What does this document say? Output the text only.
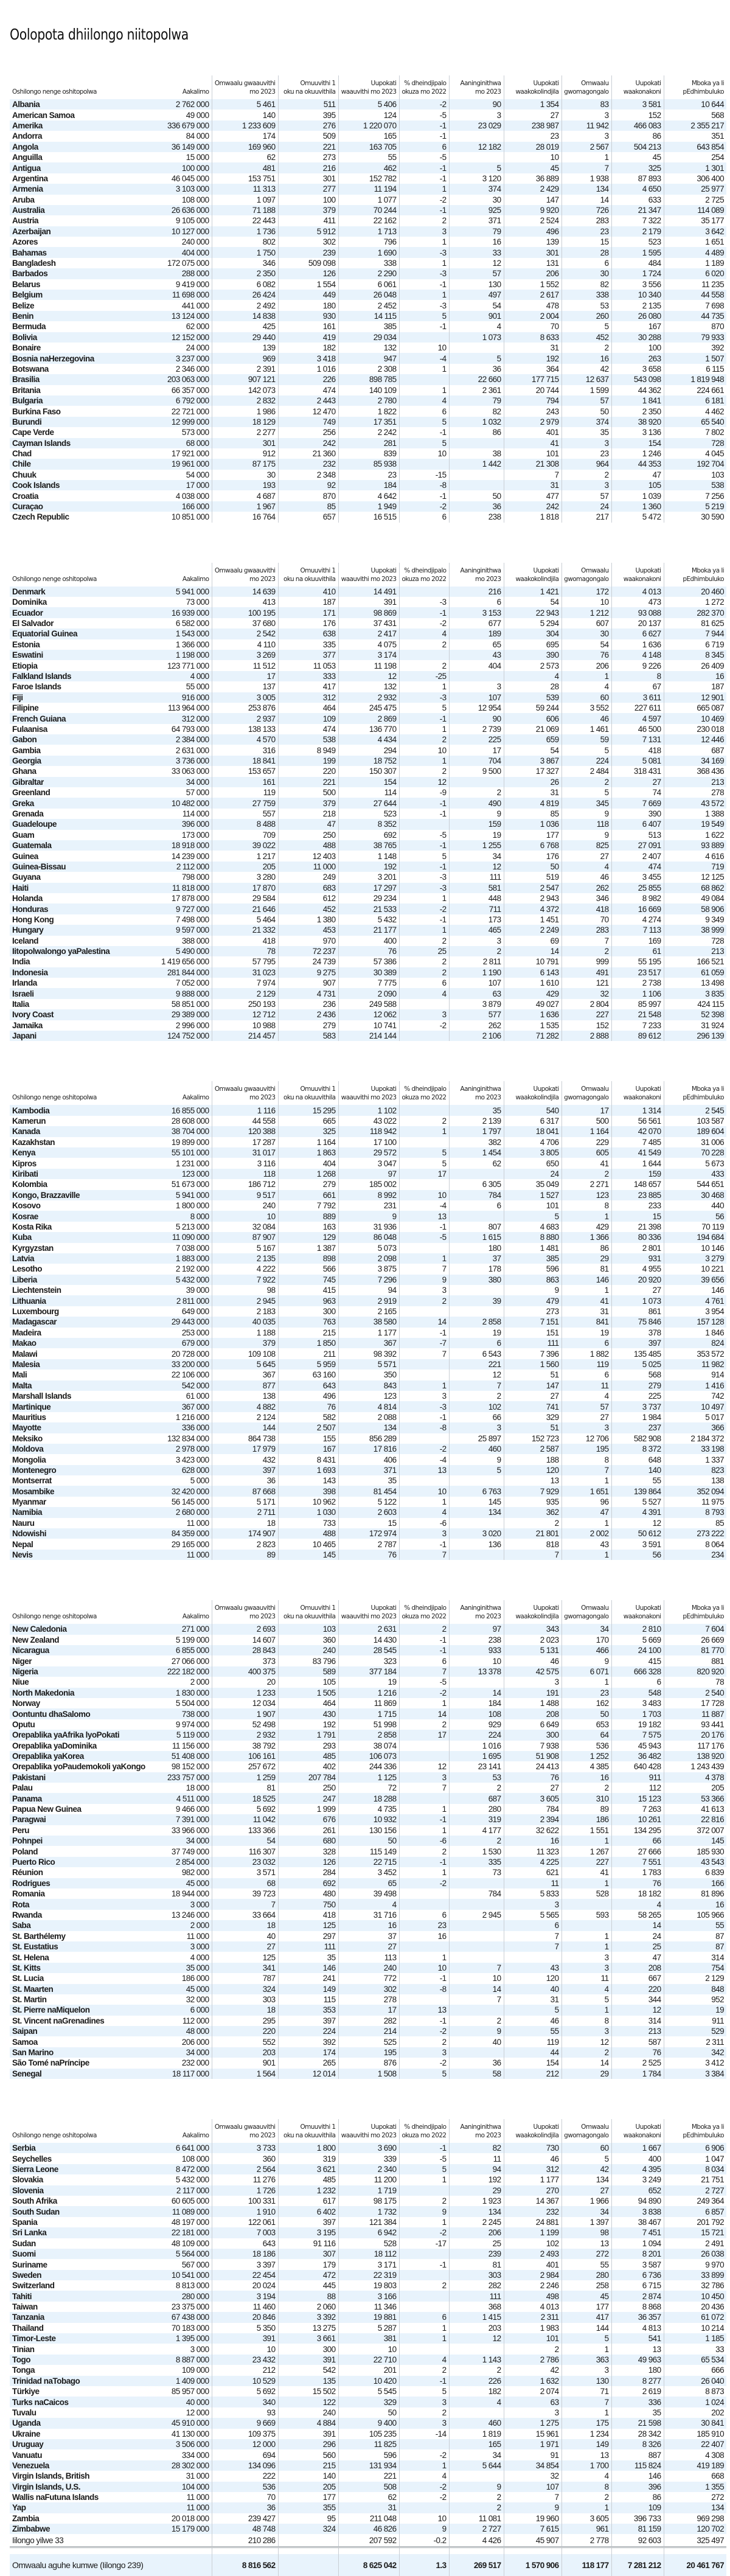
Oolopota dhiilongo niitopolwa
Oshilongo nenge oshitopolwa	Aakalimo	Omwaalu gwaauvithi
mo 2023	Omuuvithi 1
oku na okuuvithila	Uupokati
waauvithi mo 2023	% dheindjipalo
okuza mo 2022	Aaninginithwa
mo 2023	Uupokati
waakokolindjila	Omwaalu
gwomagongalo	Uupokati
waakonakoni	Mboka ya li
pEdhimbuluko
Albania	2 762 000	5 461	511	5 406	-2	90	1 354	83	3 581	10 644
American Samoa	49 000	140	395	124	-5	3	27	3	152	568
Amerika	336 679 000	1 233 609	276	1 220 070	-1	23 029	238 987	11 942	466 083	2 355 217
Andorra	84 000	174	509	165	-1		23	3	86	351
Angola	36 149 000	169 960	221	163 705	6	12 182	28 019	2 567	504 213	643 854
Anguilla	15 000	62	273	55	-5		10	1	45	254
Antigua	100 000	481	216	462	-1	5	45	7	325	1 301
Argentina	46 045 000	153 751	301	152 782	-1	3 120	36 889	1 938	87 893	306 400
Armenia	3 103 000	11 313	277	11 194	1	374	2 429	134	4 650	25 977
Aruba	108 000	1 097	100	1 077	-2	30	147	14	633	2 725
Australia	26 636 000	71 188	379	70 244	-1	925	9 920	726	21 347	114 089
Austria	9 105 000	22 443	411	22 162	2	371	2 524	283	7 322	35 177
Azerbaijan	10 127 000	1 736	5 912	1 713	3	79	496	23	2 179	3 642
Azores	240 000	802	302	796	1	16	139	15	523	1 651
Bahamas	404 000	1 750	239	1 690	-3	33	301	28	1 595	4 489
Bangladesh	172 075 000	346	509 098	338	1	12	131	6	484	1 189
Barbados	288 000	2 350	126	2 290	-3	57	206	30	1 724	6 020
Belarus	9 419 000	6 082	1 554	6 061	-1	130	1 552	82	3 556	11 235
Belgium	11 698 000	26 424	449	26 048	1	497	2 617	338	10 340	44 558
Belize	441 000	2 492	180	2 452	-3	54	478	53	2 135	7 698
Benin	13 124 000	14 838	930	14 115	5	901	2 004	260	26 080	44 735
Bermuda	62 000	425	161	385	-1	4	70	5	167	870
Bolivia	12 152 000	29 440	419	29 034		1 073	8 633	452	30 288	79 933
Bonaire	24 000	139	182	132	10		31	2	100	392
Bosnia naHerzegovina	3 237 000	969	3 418	947	-4	5	192	16	263	1 507
Botswana	2 346 000	2 391	1 016	2 308	1	36	364	42	3 658	6 115
Brasilia	203 063 000	907 121	226	898 785		22 660	177 715	12 637	543 098	1 819 948
Britania	66 357 000	142 073	474	140 109	1	2 361	20 744	1 599	44 362	224 661
Bulgaria	6 792 000	2 832	2 443	2 780	4	79	794	57	1 841	6 181
Burkina Faso	22 721 000	1 986	12 470	1 822	6	82	243	50	2 350	4 462
Burundi	12 999 000	18 129	749	17 351	5	1 032	2 979	374	38 920	65 540
Cape Verde	573 000	2 277	256	2 242	-1	86	401	35	3 136	7 802
Cayman Islands	68 000	301	242	281	5		41	3	154	728
Chad	17 921 000	912	21 360	839	10	38	101	23	1 246	4 045
Chile	19 961 000	87 175	232	85 938		1 442	21 308	964	44 353	192 704
Chuuk	54 000	30	2 348	23	-15		7	2	47	103
Cook Islands	17 000	193	92	184	-8		31	3	105	538
Croatia	4 038 000	4 687	870	4 642	-1	50	477	57	1 039	7 256
Curaçao	166 000	1 967	85	1 949	-2	36	242	24	1 360	5 219
Czech Republic	10 851 000	16 764	657	16 515	6	238	1 818	217	5 472	30 590
Oshilongo nenge oshitopolwa	Aakalimo	Omwaalu gwaauvithi
mo 2023	Omuuvithi 1
oku na okuuvithila	Uupokati
waauvithi mo 2023	% dheindjipalo
okuza mo 2022	Aaninginithwa
mo 2023	Uupokati
waakokolindjila	Omwaalu
gwomagongalo	Uupokati
waakonakoni	Mboka ya li
pEdhimbuluko
Denmark	5 941 000	14 639	410	14 491		216	1 421	172	4 013	20 460
Dominika	73 000	413	187	391	-3	6	54	10	473	1 272
Ecuador	16 939 000	100 195	171	98 869	-1	3 153	22 943	1 212	93 088	282 370
El Salvador	6 582 000	37 680	176	37 431	-2	677	5 294	607	20 137	81 625
Equatorial Guinea	1 543 000	2 542	638	2 417	4	189	304	30	6 627	7 944
Estonia	1 366 000	4 110	335	4 075	2	65	695	54	1 636	6 719
Eswatini	1 198 000	3 269	377	3 174		43	390	76	4 148	8 345
Etiopia	123 771 000	11 512	11 053	11 198	2	404	2 573	206	9 226	26 409
Falkland Islands	4 000	17	333	12	-25		4	1	8	16
Faroe Islands	55 000	137	417	132	1	3	28	4	67	187
Fiji	916 000	3 005	312	2 932	-3	107	539	60	3 611	12 901
Filipine	113 964 000	253 876	464	245 475	5	12 954	59 244	3 552	227 611	665 087
French Guiana	312 000	2 937	109	2 869	-1	90	606	46	4 597	10 469
Fulaanisa	64 793 000	138 133	474	136 770	1	2 739	21 069	1 461	46 500	230 018
Gabon	2 384 000	4 570	538	4 434	2	225	659	59	7 131	12 446
Gambia	2 631 000	316	8 949	294	10	17	54	5	418	687
Georgia	3 736 000	18 841	199	18 752	1	704	3 867	224	5 081	34 169
Ghana	33 063 000	153 657	220	150 307	2	9 500	17 327	2 484	318 431	368 436
Gibraltar	34 000	161	221	154	12		26	2	27	213
Greenland	57 000	119	500	114	-9	2	31	5	74	278
Greka	10 482 000	27 759	379	27 644	-1	490	4 819	345	7 669	43 572
Grenada	114 000	557	218	523	-1	9	85	9	390	1 388
Guadeloupe	396 000	8 488	47	8 352		159	1 036	118	6 407	19 549
Guam	173 000	709	250	692	-5	19	177	9	513	1 622
Guatemala	18 918 000	39 022	488	38 765	-1	1 255	6 768	825	27 091	93 889
Guinea	14 239 000	1 217	12 403	1 148	5	34	176	27	2 407	4 616
Guinea-Bissau	2 112 000	205	11 000	192	-1	12	50	4	474	719
Guyana	798 000	3 280	249	3 201	-3	111	519	46	3 455	12 125
Haiti	11 818 000	17 870	683	17 297	-3	581	2 547	262	25 855	68 862
Holanda	17 878 000	29 584	612	29 234	1	448	2 943	346	8 982	49 084
Honduras	9 727 000	21 646	452	21 533	-2	711	4 372	418	16 669	58 906
Hong Kong	7 498 000	5 464	1 380	5 432	-1	173	1 451	70	4 274	9 349
Hungary	9 597 000	21 332	453	21 177	1	465	2 249	283	7 113	38 999
Iceland	388 000	418	970	400	2	3	69	7	169	728
Iitopolwalongo yaPalestina	5 490 000	78	72 237	76	25	2	14	2	61	213
India	1 419 656 000	57 795	24 739	57 386	2	2 811	10 791	999	55 195	166 521
Indonesia	281 844 000	31 023	9 275	30 389	2	1 190	6 143	491	23 517	61 059
Irlanda	7 052 000	7 974	907	7 775	6	107	1 610	121	2 738	13 498
Israeli	9 888 000	2 129	4 731	2 090	4	63	429	32	1 106	3 835
Italia	58 851 000	250 193	236	249 588		3 879	49 027	2 804	85 997	424 115
Ivory Coast	29 389 000	12 712	2 436	12 062	3	577	1 636	227	21 548	52 398
Jamaika	2 996 000	10 988	279	10 741	-2	262	1 535	152	7 233	31 924
Japani	124 752 000	214 457	583	214 144		2 106	71 282	2 888	89 612	296 139
Oshilongo nenge oshitopolwa	Aakalimo	Omwaalu gwaauvithi
mo 2023	Omuuvithi 1
oku na okuuvithila	Uupokati
waauvithi mo 2023	% dheindjipalo
okuza mo 2022	Aaninginithwa
mo 2023	Uupokati
waakokolindjila	Omwaalu
gwomagongalo	Uupokati
waakonakoni	Mboka ya li
pEdhimbuluko
Kambodia	16 855 000	1 116	15 295	1 102		35	540	17	1 314	2 545
Kamerun	28 608 000	44 558	665	43 022	2	2 139	6 317	500	56 561	103 587
Kanada	38 704 000	120 388	325	118 942	1	1 797	18 041	1 164	42 070	189 604
Kazakhstan	19 899 000	17 287	1 164	17 100		382	4 706	229	7 485	31 006
Kenya	55 101 000	31 017	1 863	29 572	5	1 454	3 805	605	41 549	70 228
Kipros	1 231 000	3 116	404	3 047	5	62	650	41	1 644	5 673
Kiribati	123 000	118	1 268	97	17		24	2	159	433
Kolombia	51 673 000	186 712	279	185 002		6 305	35 049	2 271	148 657	544 651
Kongo, Brazzaville	5 941 000	9 517	661	8 992	10	784	1 527	123	23 885	30 468
Kosovo	1 800 000	240	7 792	231	-4	6	101	8	233	440
Kosrae	8 000	10	889	9	13		5	1	15	56
Kosta Rika	5 213 000	32 084	163	31 936	-1	807	4 683	429	21 398	70 119
Kuba	11 090 000	87 907	129	86 048	-5	1 615	8 880	1 366	80 336	194 684
Kyrgyzstan	7 038 000	5 167	1 387	5 073		180	1 481	86	2 801	10 146
Latvia	1 883 000	2 135	898	2 098	1	37	385	29	931	3 279
Lesotho	2 192 000	4 222	566	3 875	7	178	596	81	4 955	10 221
Liberia	5 432 000	7 922	745	7 296	9	380	863	146	20 920	39 656
Liechtenstein	39 000	98	415	94	3		9	1	27	146
Lithuania	2 811 000	2 945	963	2 919	2	39	479	41	1 073	4 761
Luxembourg	649 000	2 183	300	2 165			273	31	861	3 954
Madagascar	29 443 000	40 035	763	38 580	14	2 858	7 151	841	75 846	157 128
Madeira	253 000	1 188	215	1 177	-1	19	151	19	378	1 846
Makao	679 000	379	1 850	367	-7	6	111	6	397	824
Malawi	20 728 000	109 108	211	98 392	7	6 543	7 396	1 882	135 485	353 572
Malesia	33 200 000	5 645	5 959	5 571		221	1 560	119	5 025	11 982
Mali	22 106 000	367	63 160	350		12	51	6	568	914
Malta	542 000	877	643	843	1	7	147	11	279	1 416
Marshall Islands	61 000	138	496	123	3	2	27	4	225	742
Martinique	367 000	4 882	76	4 814	-3	102	741	57	3 737	10 497
Mauritius	1 216 000	2 124	582	2 088	-1	66	329	27	1 984	5 017
Mayotte	336 000	144	2 507	134	-8	3	51	3	237	366
Meksiko	132 834 000	864 738	155	856 289		25 897	152 723	12 706	582 908	2 184 372
Moldova	2 978 000	17 979	167	17 816	-2	460	2 587	195	8 372	33 198
Mongolia	3 423 000	432	8 431	406	-4	9	188	8	648	1 337
Montenegro	628 000	397	1 693	371	13	5	120	7	140	823
Montserrat	5 000	36	143	35			13	1	55	138
Mosambike	32 420 000	87 668	398	81 454	10	6 763	7 929	1 651	139 864	352 094
Myanmar	56 145 000	5 171	10 962	5 122	1	145	935	96	5 527	11 975
Namibia	2 680 000	2 711	1 030	2 603	4	134	362	47	4 391	8 793
Nauru	11 000	18	733	15	-6		2	1	12	85
Ndowishi	84 359 000	174 907	488	172 974	3	3 020	21 801	2 002	50 612	273 222
Nepal	29 165 000	2 823	10 465	2 787	-1	136	818	43	3 591	8 064
Nevis	11 000	89	145	76	7		7	1	56	234
Oshilongo nenge oshitopolwa	Aakalimo	Omwaalu gwaauvithi
mo 2023	Omuuvithi 1
oku na okuuvithila	Uupokati
waauvithi mo 2023	% dheindjipalo
okuza mo 2022	Aaninginithwa
mo 2023	Uupokati
waakokolindjila	Omwaalu
gwomagongalo	Uupokati
waakonakoni	Mboka ya li
pEdhimbuluko
New Caledonia	271 000	2 693	103	2 631	2	97	343	34	2 810	7 604
New Zealand	5 199 000	14 607	360	14 430	-1	238	2 023	170	5 669	26 669
Nicaragua	6 855 000	28 843	240	28 545	-1	933	5 131	466	24 100	81 770
Niger	27 066 000	373	83 796	323	6	10	46	9	415	881
Nigeria	222 182 000	400 375	589	377 184	7	13 378	42 575	6 071	666 328	820 920
Niue	2 000	20	105	19	-5		3	1	6	78
North Makedonia	1 830 000	1 233	1 505	1 216	-2	14	191	23	548	2 540
Norway	5 504 000	12 034	464	11 869	1	184	1 488	162	3 483	17 728
Oontuntu dhaSalomo	738 000	1 907	430	1 715	14	108	208	50	1 703	11 887
Oputu	9 974 000	52 498	192	51 998	2	929	6 649	653	19 182	93 441
Orepablika yaAfrika lyoPokati	5 119 000	2 932	1 791	2 858	17	224	300	64	7 575	20 176
Orepablika yaDominika	11 156 000	38 792	293	38 074		1 016	7 938	536	45 943	117 176
Orepablika yaKorea	51 408 000	106 161	485	106 073		1 695	51 908	1 252	36 482	138 920
Orepablika yoPaudemokoli yaKongo	98 152 000	257 672	402	244 336	12	23 141	24 413	4 385	640 428	1 243 439
Pakistani	233 757 000	1 259	207 784	1 125	3	53	76	16	911	4 378
Palau	18 000	81	250	72	7	2	27	2	112	205
Panama	4 511 000	18 525	247	18 288		687	3 605	310	15 123	53 366
Papua New Guinea	9 466 000	5 692	1 999	4 735	1	280	784	89	7 263	41 613
Paragwai	7 391 000	11 042	676	10 932	-1	319	2 394	186	10 261	22 816
Peru	33 966 000	133 366	261	130 156	1	4 177	32 622	1 551	134 295	372 007
Pohnpei	34 000	54	680	50	-6	2	16	1	66	145
Poland	37 749 000	116 307	328	115 149	2	1 530	11 323	1 267	27 666	185 930
Puerto Rico	2 854 000	23 032	126	22 715	-1	335	4 225	227	7 551	43 543
Réunion	982 000	3 571	284	3 452	1	73	621	41	1 783	6 839
Rodrigues	45 000	68	692	65	-2		11	1	76	166
Romania	18 944 000	39 723	480	39 498		784	5 833	528	18 182	81 896
Rota	3 000	7	750	4			3		4	16
Rwanda	13 246 000	33 664	418	31 716	6	2 945	5 565	593	58 265	105 966
Saba	2 000	18	125	16	23		6		14	55
St. Barthélemy	11 000	40	297	37	16		7	1	24	87
St. Eustatius	3 000	27	111	27			7	1	25	87
St. Helena	4 000	125	35	113	1			3	47	314
St. Kitts	35 000	341	146	240	10	7	43	3	208	754
St. Lucia	186 000	787	241	772	-1	10	120	11	667	2 129
St. Maarten	45 000	324	149	302	-8	14	40	4	220	848
St. Martin	32 000	303	115	278		7	31	5	344	952
St. Pierre naMiquelon	6 000	18	353	17	13		5	1	12	19
St. Vincent naGrenadines	112 000	295	397	282	-1	2	46	8	314	911
Saipan	48 000	220	224	214	-2	9	55	3	213	529
Samoa	206 000	552	392	525	2	40	119	12	587	2 311
San Marino	34 000	203	174	195	3		44	2	76	342
São Tomé naPríncipe	232 000	901	265	876	-2	36	154	14	2 525	3 412
Senegal	18 117 000	1 564	12 014	1 508	5	58	212	29	1 784	3 384
Oshilongo nenge oshitopolwa	Aakalimo	Omwaalu gwaauvithi
mo 2023	Omuuvithi 1
oku na okuuvithila	Uupokati
waauvithi mo 2023	% dheindjipalo
okuza mo 2022	Aaninginithwa
mo 2023	Uupokati
waakokolindjila	Omwaalu
gwomagongalo	Uupokati
waakonakoni	Mboka ya li
pEdhimbuluko
Serbia	6 641 000	3 733	1 800	3 690	-1	82	730	60	1 667	6 906
Seychelles	108 000	360	319	339	-5	11	46	5	400	1 047
Sierra Leone	8 472 000	2 564	3 621	2 340	5	94	312	42	4 395	8 034
Slovakia	5 432 000	11 276	485	11 200	1	192	1 177	134	3 249	21 751
Slovenia	2 117 000	1 726	1 232	1 719		29	270	27	652	2 727
South Afrika	60 605 000	100 331	617	98 175	2	1 923	14 367	1 966	94 890	249 364
South Sudan	11 089 000	1 910	6 402	1 732	9	134	232	34	3 838	6 857
Spania	48 197 000	122 061	397	121 384	1	2 245	24 881	1 397	38 467	201 792
Sri Lanka	22 181 000	7 003	3 195	6 942	-2	206	1 199	98	7 451	15 721
Sudan	48 109 000	643	91 116	528	-17	25	102	13	1 094	2 491
Suomi	5 564 000	18 186	307	18 112		239	2 493	272	8 201	26 038
Suriname	567 000	3 397	179	3 171	-1	81	401	55	3 587	9 970
Sweden	10 541 000	22 454	472	22 319		303	2 984	280	6 736	33 899
Switzerland	8 813 000	20 024	445	19 803	2	282	2 246	258	6 715	32 786
Tahiti	280 000	3 194	88	3 166		111	498	45	2 874	10 450
Taiwan	23 375 000	11 460	2 060	11 346		368	4 013	177	8 868	20 436
Tanzania	67 438 000	20 846	3 392	19 881	6	1 415	2 311	417	36 357	61 072
Thailand	70 183 000	5 350	13 275	5 287	1	203	1 983	144	4 813	10 214
Timor-Leste	1 395 000	391	3 661	381	1	12	101	5	541	1 185
Tinian	3 000	10	300	10			2	1	13	33
Togo	8 887 000	23 432	391	22 710	4	1 143	2 786	363	49 963	65 534
Tonga	109 000	212	542	201	2	2	42	3	180	666
Trinidad naTobago	1 409 000	10 529	135	10 420	-1	226	1 632	130	8 277	26 040
Türkiye	85 957 000	5 692	15 502	5 545	5	182	2 074	71	2 619	8 873
Turks naCaicos	40 000	340	122	329	3	4	63	7	336	1 024
Tuvalu	12 000	93	240	50	2		3	1	35	202
Uganda	45 910 000	9 669	4 884	9 400	3	460	1 275	175	21 598	30 841
Ukraine	41 130 000	109 375	391	105 235	-14	1 819	15 961	1 234	28 342	185 910
Uruguay	3 506 000	12 000	296	11 825		165	1 971	149	8 326	22 407
Vanuatu	334 000	694	560	596	-2	34	91	13	887	4 308
Venezuela	28 302 000	134 096	215	131 934	1	5 644	34 854	1 700	115 824	419 189
Virgin Islands, British	31 000	222	140	221	4		32	4	146	668
Virgin Islands, U.S.	104 000	536	205	508	-2	9	107	8	396	1 355
Wallis naFutuna Islands	11 000	70	177	62	-2	2	7	2	86	272
Yap	11 000	36	355	31		2	9	1	109	134
Zambia	20 018 000	239 427	95	211 048	10	11 081	19 960	3 605	396 733	969 298
Zimbabwe	15 179 000	48 748	324	46 826	9	2 727	7 615	961	81 159	120 702
Iilongo yilwe 33		210 286		207 592	-0.2	4 426	45 907	2 778	92 603	325 497

Omwaalu aguhe kumwe (Iilongo 239)		8 816 562		8 625 042	1.3	269 517	1 570 906	118 177	7 281 212	20 461 767
